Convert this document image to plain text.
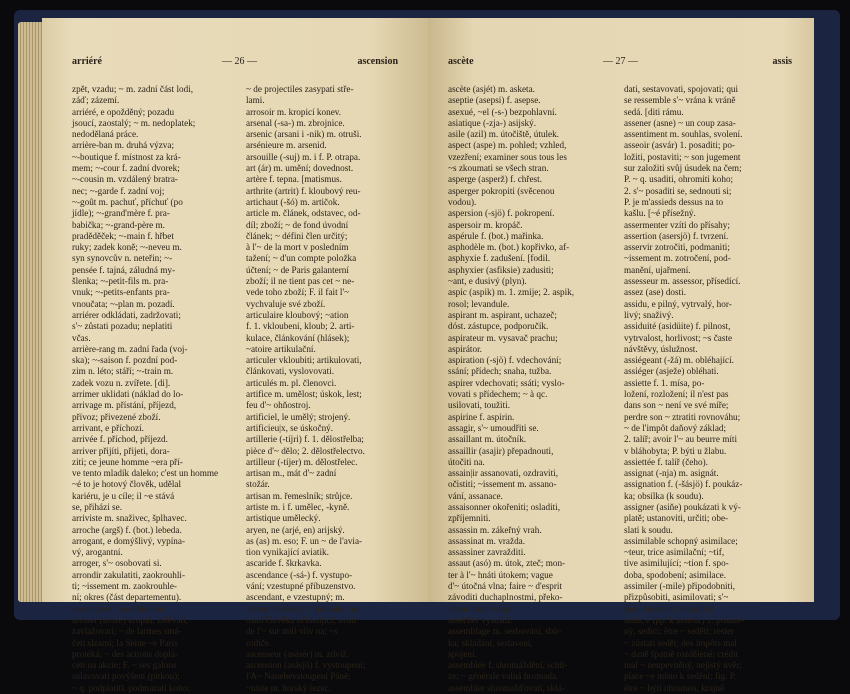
arriéré	— 26 —	ascension
zpět, vzadu; ~ m. zadní část lodi,
záď; zázemí.
arriéré, e opožděný; pozadu
jsoucí, zaostalý; ~ m. nedoplatek;
nedodělaná práce.
arrière-ban m. druhá výzva;
~-boutique f. místnost za krá-
mem; ~-cour f. zadní dvorek;
~-cousin m. vzdálený bratra-
nec; ~-garde f. zadní voj;
~-goût m. pachuť, příchuť (po
jídle); ~-grand'mère f. pra-
babička; ~-grand-père m.
praděděček; ~-main f. hřbet
ruky; zadek koně; ~-neveu m.
syn synovcův n. neteřin; ~-
pensée f. tajná, záludná my-
šlenka; ~-petit-fils m. pra-
vnuk; ~-petits-enfants pra-
vnoučata; ~-plan m. pozadí.
arriérer odkládati, zadržovati;
s'~ zůstati pozadu; neplatiti
včas.
arrière-rang m. zadní řada (voj-
ska); ~-saison f. pozdní pod-
zim n. léto; stáří; ~-train m.
zadek vozu n. zvířete. [di].
arrimer uklidati (náklad do lo-
arrivage m. přístání, příjezd,
přívoz; přivezené zboží.
arrivant, e příchozí.
arrivée f. příchod, příjezd.
arriver přijíti, přijeti, dora-
ziti; ce jeune homme ~era pří-
ve tento mladík daleko; c'est un homme
~é to je hotový člověk, udělal
kariéru, je u cíle; il ~e stává
se, přiházi se.
arriviste m. snaživec, šplhavec.
arroche (argš) f. (bot.) lebeda.
arrogant, e domýšlivý, vypína-
vý, arogantní.
arroger, s'~ osobovati si.
arrondir zakulatiti, zaokrouhli-
ti; ~issement m. zaokrouhle-
ní; okres (část departementu).
arrosage m. zavodňování.
arroser (aroze) kropiti, zalévati,
zavlažovati; ~ de larmes smá-
četi slzami; la Seine ~e Paris
protéká; ~ des actions doplá-
ceti na akcie; F. ~ ses galons
oslavovati povýšení (pitkou);
~ q. podplatiti, podmazati koho;
~ de projectiles zasypati stře-
lami.
arrosoir m. kropicí konev.
arsenal (-sa-) m. zbrojnice.
arsenic (arsani i -nik) m. otruši.
arsénieure m. arsenid.
arsouille (-suj) m. i f. P. otrapa.
art (ár) m. umění; dovednost.
artère f. tepna. [matismus.
arthrite (artrit) f. kloubový reu-
artichaut (-šó) m. artičok.
article m. článek, odstavec, od-
díl; zboží; ~ de fond úvodní
článek; ~ défini člen určitý;
à l'~ de la mort v posledním
tažení; ~ d'un compte položka
účtení; ~ de Paris galanterní
zboží; il ne tient pas cet ~ ne-
vede toho zboží; F. il fait l'~
vychvaluje své zboží.
articulaire kloubový; ~ation
f. 1. vkloubení, kloub; 2. arti-
kulace, článkování (hlásek);
~atoire artikulační.
articuler vkloubiti; artikulovati,
článkovati, vyslovovati.
articulés m. pl. členovci.
artifice m. umělost; úskok, lest;
feu d'~ ohňostroj.
artificiel, le umělý; strojený.
artificieu|x, se úskočný.
artillerie (-tíjri) f. 1. dělostřelba;
pièce d'~ dělo; 2. dělostřelectvo.
artilleur (-tíjer) m. dělostřelec.
artisan m., mát d'~ zadní
stožár.
artisan m. řemeslník; strůjce.
artiste m. i f. umělec, -kyně.
artistique umělecký.
aryen, ne (arjé, en) arijský.
as (as) m. eso; F. un ~ de l'avia-
tion vynikající aviatik.
ascaride f. škrkavka.
ascendance (-sá-) f. vystupo-
vání; vzestupné příbuzenstvo.
ascendant, e vzestupný; m.
výstup (hvězd); 2. převaha; na
osud člověka účinkující; avoir
de l'~ sur míti vliv na; ~s
rodiče.
ascenseur (asásér) m. zdviž.
ascension (asásjö) f. vystoupení;
l'A~ Nanebevstoupení Páně;
~niste m. horský lezec.
ascète	— 27 —	assis
ascète (asjét) m. asketa.
aseptie (asepsi) f. asepse.
asexué, ~el (-s-) bezpohlavní.
asiatique (-zja-) asijský.
asile (azil) m. útočiště, útulek.
aspect (aspe) m. pohled; vzhled,
vzezření; examiner sous tous les
~s zkoumati se všech stran.
asperge (asperž) f. chřest.
asperger pokropiti (svěcenou
vodou).
aspersion (-sjö) f. pokropení.
aspersoir m. kropáč.
aspérule f. (bot.) mařinka.
asphodèle m. (bot.) kopřivko, af-
asphyxie f. zadušení. [fodil.
asphyxier (asfiksie) zadusiti;
~ant, e dusivý (plyn).
aspic (aspik) m. 1. zmije; 2. aspik,
rosol; levandule.
aspirant m. aspirant, uchazeč;
dóst. zástupce, podporučík.
aspirateur m. vysavač prachu;
aspirátor.
aspiration (-sjö) f. vdechování;
ssání; přídech; snaha, tužba.
aspirer vdechovati; ssáti; vyslo-
vovati s přídechem; ~ à qc.
usilovati, toužiti.
aspirine f. aspirin.
assagir, s'~ umoudřiti se.
assaillant m. útočník.
assaillir (asajir) přepadnouti,
útočiti na.
assain|ir assanovati, ozdraviti,
očistiti; ~issement m. assano-
vání, assanace.
assaisonner okořeniti; osladiti,
zpříjemniti.
assassin m. zákeřný vrah.
assassinat m. vražda.
assassiner zavražditi.
assaut (asó) m. útok, zteč; mon-
ter à l'~ hnáti útokem; vague
d'~ útočná vlna; faire ~ d'esprit
závoditi duchaplnostmi, překo-
návati koho vtipy.
assécher vysušiti.
assemblage m. sesbování, sbír-
ka; skládání, sestavení,
spojení.
assemblée f. shromáždění, schů-
ze; ~ générale valná hromada.
assembler shromažďovati, sklá-
dati, sestavovati, spojovati; qui
se ressemble s'~ vrána k vráně
sedá. [diti rámu.
assener (asne) ~ un coup zasa-
assentiment m. souhlas, svolení.
asseoir (asvár) 1. posaditi; po-
ložiti, postaviti; ~ son jugement
sur založiti svůj úsudek na čem;
P. ~ q. usaditi, ohromiti koho;
2. s'~ posaditi se, sednouti si;
P. je m'assieds dessus na to
kašlu. [~é přísežný.
assermenter vzíti do přísahy;
assertion (asersjö) f. tvrzení.
asservir zotročiti, podmaniti;
~issement m. zotročení, pod-
manění, ujařmení.
assesseur m. assessor, přísedící.
assez (ase) dosti.
assidu, e pilný, vytrvalý, hor-
livý; snaživý.
assiduité (asidüite) f. pilnost,
vytrvalost, horlivost; ~s časte
návštěvy, úslužnost.
assiégeant (-žá) m. obléhající.
assiéger (asježe) obléhati.
assiette f. 1. mísa, po-
ložení, rozložení; il n'est pas
dans son ~ není ve své míře;
perdre son ~ ztratiti rovnováhu;
~ de l'impôt daňový základ;
2. talíř; avoir l'~ au beurre míti
v bláhobyta; P. býti u žlabu.
assiettée f. talíř (čeho).
assignat (-nja) m. asignát.
assignation f. (-šásjö) f. poukáz-
ka; obsílka (k soudu).
assigner (asiňe) poukázati k vý-
platě; ustanoviti, určiti; obe-
slati k soudu.
assimilable schopný asimilace;
~teur, trice asimilační; ~tif,
tive asimilující; ~tion f. spo-
doba, spodobení; asimilace.
assimiler (-mile) připodobniti,
přizpůsobiti, asimilovati; s'~
(une doctrine) osvojiti si.
assis, e (pp. k asseoir) 1. posaze-
ný, sedící; être ~ sedětí; rester
~ zůstati sedět; des impôts mal
~ daně špatně rozdělené; crédit
mal ~ neupevněný, nejistý úvěr;
place ~e místo k sedění; fig. P.
être ~ býti ohromen, krajně
